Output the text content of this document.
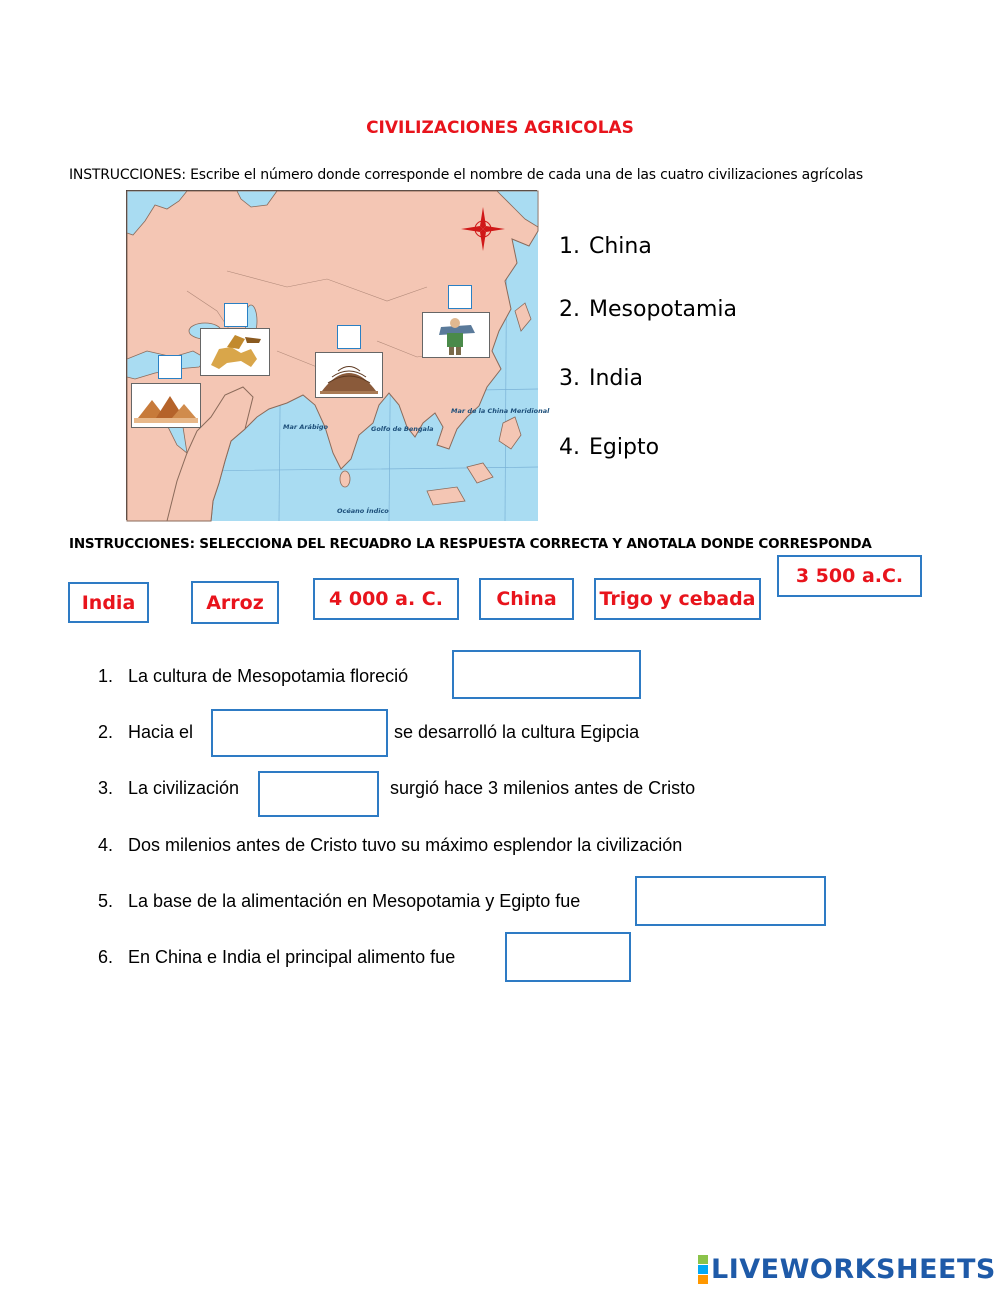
CIVILIZACIONES AGRICOLAS
INSTRUCCIONES: Escribe el número donde corresponde el nombre de cada una de las cuatro civilizaciones agrícolas
Mar Arábigo	Golfo de Bengala
Mar de la China Meridional
Océano Índico
1. China
2. Mesopotamia
3. India
4. Egipto
INSTRUCCIONES: SELECCIONA DEL RECUADRO LA RESPUESTA CORRECTA Y ANOTALA DONDE CORRESPONDA
India	Arroz	4 000 a. C.	China	Trigo y cebada
3 500 a.C.
1. La cultura de Mesopotamia floreció
2. Hacia el	se desarrolló la cultura Egipcia
3. La civilización	surgió hace 3 milenios antes de Cristo
4. Dos milenios antes de Cristo tuvo su máximo esplendor la civilización
5. La base de la alimentación en Mesopotamia y Egipto fue
6. En China e India el principal alimento fue
LIVEWORKSHEETS
